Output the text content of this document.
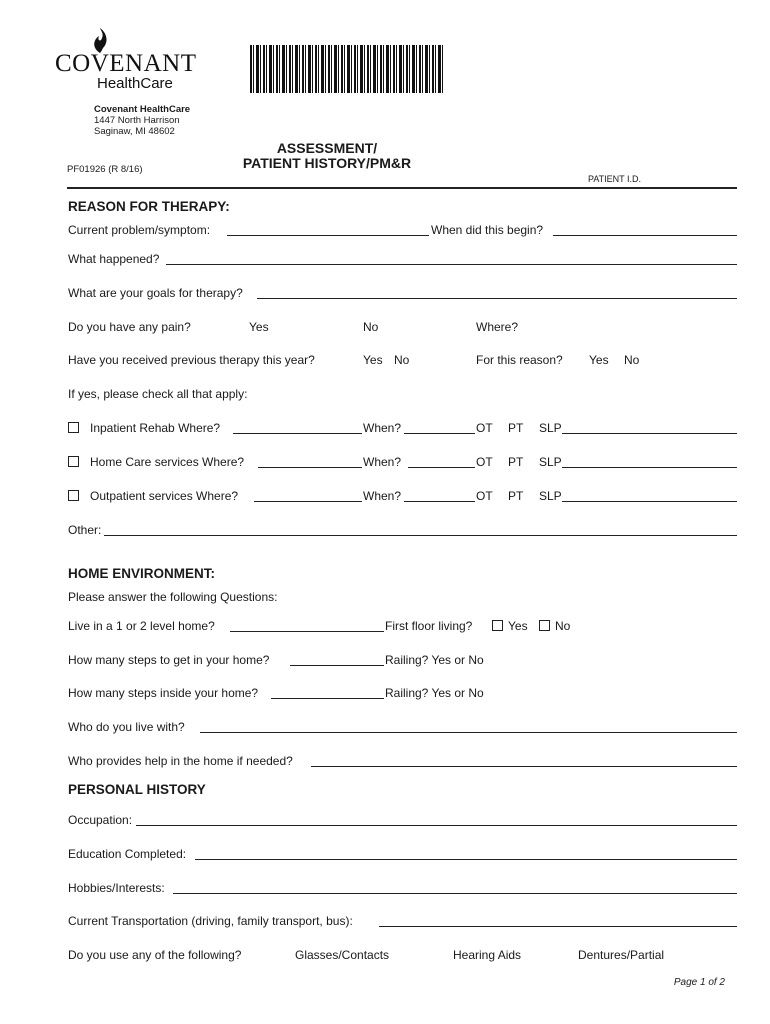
COVENANT
HealthCare
Covenant HealthCare
1447 North Harrison
Saginaw, MI 48602
PF01926 (R 8/16)
ASSESSMENT/
PATIENT HISTORY/PM&R
PATIENT I.D.
REASON FOR THERAPY:
Current problem/symptom:	When did this begin?
What happened?
What are your goals for therapy?
Do you have any pain?	Yes	No	Where?
Have you received previous therapy this year?	Yes No	For this reason? Yes No
If yes, please check all that apply:
Inpatient Rehab Where?	When?	OT PT SLP
Home Care services Where?	When?	OT PT SLP
Outpatient services Where?	When?	OT PT SLP
Other:
HOME ENVIRONMENT:
Please answer the following Questions:
Live in a 1 or 2 level home?	First floor living?	Yes No
How many steps to get in your home?	Railing? Yes or No
How many steps inside your home?	Railing? Yes or No
Who do you live with?
Who provides help in the home if needed?
PERSONAL HISTORY
Occupation:
Education Completed:
Hobbies/Interests:
Current Transportation (driving, family transport, bus):
Do you use any of the following?	Glasses/Contacts	Hearing Aids	Dentures/Partial
Page 1 of 2
